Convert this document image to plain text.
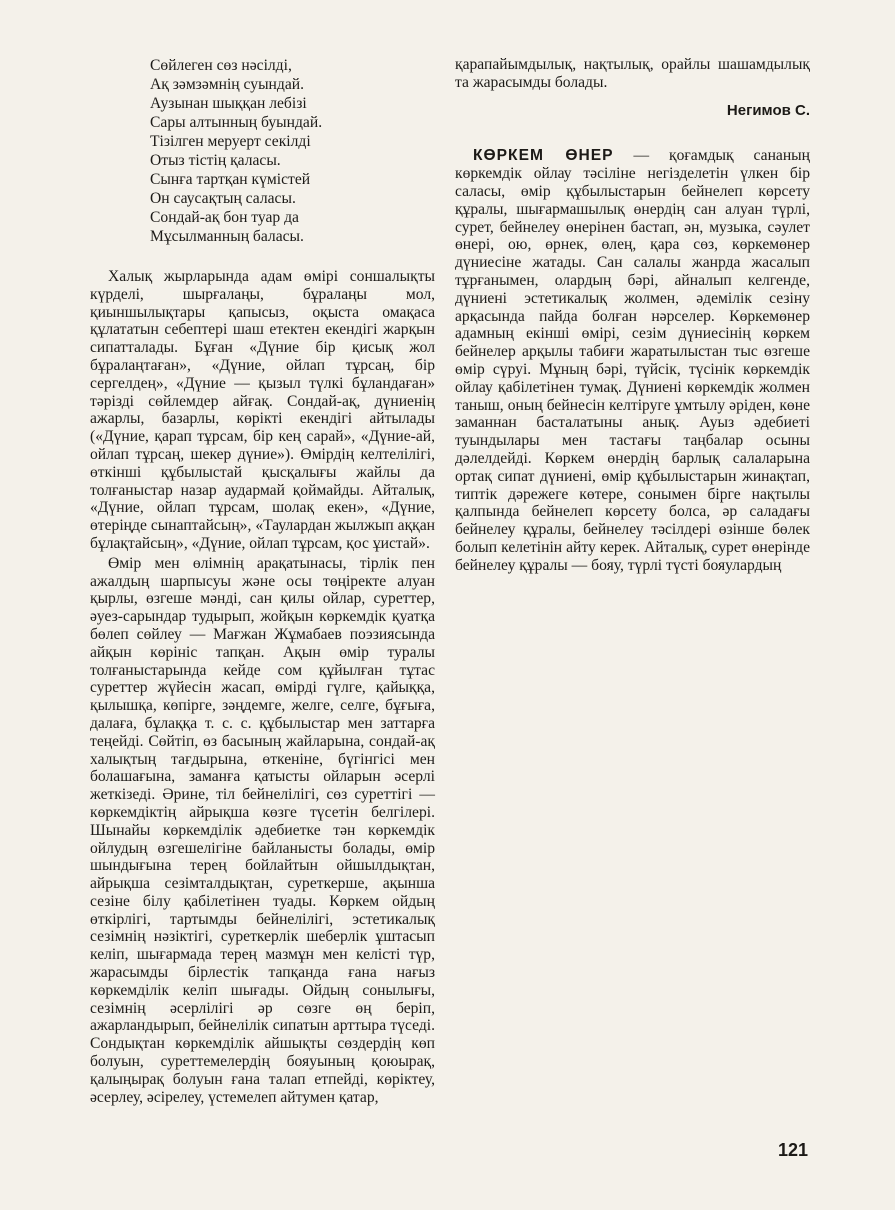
Сөйлеген сөз нәсілді,
Ақ зәмзәмнің суындай.
Аузынан шыққан лебізі
Сары алтынның буындай.
Тізілген меруерт секілді
Отыз тістің қаласы.
Сынға тартқан күмістей
Он саусақтың саласы.
Сондай-ақ бон туар да
Мұсылманның баласы.

Халық жырларында адам өмірі соншалықты күрделі, шырғалаңы, бұралаңы мол, қиыншылықтары қапысыз, оқыста омақаса құлататын себептері шаш етектен екендігі жарқын сипатталады. Бұған «Дүние бір қисық жол бұралаңтаған», «Дүние, ойлап тұрсаң, бір сергелдең», «Дүние — қызыл түлкі бұландаған» тәрізді сөйлемдер айғақ. Сондай-ақ, дүниенің ажарлы, базарлы, көрікті екендігі айтылады («Дүние, қарап тұрсам, бір кең сарай», «Дүние-ай, ойлап тұрсаң, шекер дүние»). Өмірдің келтелілігі, өткінші құбылыстай қысқалығы жайлы да толғаныстар назар аудармай қоймайды. Айталық, «Дүние, ойлап тұрсам, шолақ екен», «Дүние, өтеріңде сынаптайсың», «Таулардан жылжып аққан бұлақтайсың», «Дүние, ойлап тұрсам, қос ұистай».

Өмір мен өлімнің арақатынасы, тірлік пен ажалдың шарпысуы және осы төңіректе алуан қырлы, өзгеше мәнді, сан қилы ойлар, суреттер, әуез-сарындар тудырып, жойқын көркемдік қуатқа бөлеп сөйлеу — Мағжан Жұмабаев поэзиясында айқын көрініс тапқан. Ақын өмір туралы толғаныстарында кейде сом құйылған тұтас суреттер жүйесін жасап, өмірді гүлге, қайыққа, қылышқа, көпірге, зәңдемге, желге, селге, бұғыға, далаға, бұлаққа т. с. с. құбылыстар мен заттарға теңейді. Сөйтіп, өз басының жайларына, сондай-ақ халықтың тағдырына, өткеніне, бүгінгісі мен болашағына, заманға қатысты ойларын әсерлі жеткізеді. Әрине, тіл бейнелілігі, сөз суреттігі — көркемдіктің айрықша көзге түсетін белгілері. Шынайы көркемділік әдебиетке тән көркемдік ойлудың өзгешелігіне байланысты болады, өмір шындығына терең бойлайтын ойшылдықтан, айрықша сезімталдықтан, суреткерше, ақынша сезіне білу қабілетінен туады. Көркем ойдың өткірлігі, тартымды бейнелілігі, эстетикалық сезімнің нәзіктігі, суреткерлік шеберлік ұштасып келіп, шығармада терең мазмұн мен келісті түр, жарасымды бірлестік тапқанда ғана нағыз көркемділік келіп шығады. Ойдың сонылығы, сезімнің әсерлілігі әр сөзге өң беріп, ажарландырып, бейнелілік сипатын арттыра түседі. Сондықтан көркемділік айшықты сөздердің көп болуын, суреттемелердің бояуының қоюырақ, қалыңырақ болуын ғана талап етпейді, көріктеу, әсерлеу, әсірелеу, үстемелеп айтумен қатар,

қарапайымдылық, нақтылық, орайлы шашамдылық та жарасымды болады.
Негимов С.

КӨРКЕМ ӨНЕР — қоғамдық сананың көркемдік ойлау тәсіліне негізделетін үлкен бір саласы, өмір құбылыстарын бейнелеп көрсету құралы, шығармашылық өнердің сан алуан түрлі, сурет, бейнелеу өнерінен бастап, ән, музыка, сәулет өнері, ою, өрнек, өлең, қара сөз, көркемөнер дүниесіне жатады. Сан салалы жанрда жасалып тұрғанымен, олардың бәрі, айналып келгенде, дүниені эстетикалық жолмен, әдемілік сезіну арқасында пайда болған нәрселер. Көркемөнер адамның екінші өмірі, сезім дүниесінің көркем бейнелер арқылы табиғи жаратылыстан тыс өзгеше өмір сүруі. Мұның бәрі, түйсік, түсінік көркемдік ойлау қабілетінен тумақ. Дүниені көркемдік жолмен таныш, оның бейнесін келтіруге ұмтылу әріден, көне заманнан басталатыны анық. Ауыз әдебиеті туындылары мен тастағы таңбалар осыны дәлелдейді. Көркем өнердің барлық салаларына ортақ сипат дүниені, өмір құбылыстарын жинақтап, типтік дәрежеге көтере, сонымен бірге нақтылы қалпында бейнелеп көрсету болса, әр саладағы бейнелеу құралы, бейнелеу тәсілдері өзінше бөлек болып келетінін айту керек. Айталық, сурет өнерінде бейнелеу құралы — бояу, түрлі түсті бояулардың

121
